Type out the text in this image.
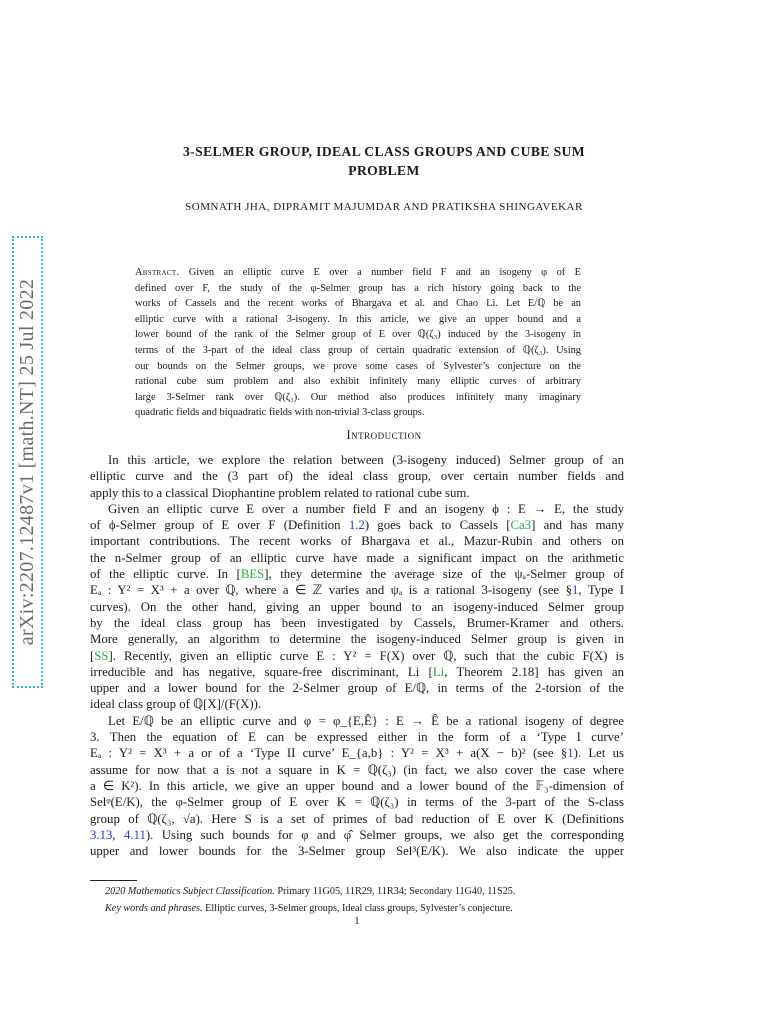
arXiv:2207.12487v1 [math.NT] 25 Jul 2022
3-SELMER GROUP, IDEAL CLASS GROUPS AND CUBE SUM
PROBLEM
SOMNATH JHA, DIPRAMIT MAJUMDAR AND PRATIKSHA SHINGAVEKAR
Abstract. Given an elliptic curve E over a number field F and an isogeny φ of E
defined over F, the study of the φ-Selmer group has a rich history going back to the
works of Cassels and the recent works of Bhargava et al. and Chao Li. Let E/ℚ be an
elliptic curve with a rational 3-isogeny. In this article, we give an upper bound and a
lower bound of the rank of the Selmer group of E over ℚ(ζ₃) induced by the 3-isogeny in
terms of the 3-part of the ideal class group of certain quadratic extension of ℚ(ζ₃). Using
our bounds on the Selmer groups, we prove some cases of Sylvester’s conjecture on the
rational cube sum problem and also exhibit infinitely many elliptic curves of arbitrary
large 3-Selmer rank over ℚ(ζ₃). Our method also produces infinitely many imaginary
quadratic fields and biquadratic fields with non-trivial 3-class groups.
Introduction
In this article, we explore the relation between (3-isogeny induced) Selmer group of an
elliptic curve and the (3 part of) the ideal class group, over certain number fields and
apply this to a classical Diophantine problem related to rational cube sum.
Given an elliptic curve E over a number field F and an isogeny ϕ : E → E, the study
of ϕ-Selmer group of E over F (Definition 1.2) goes back to Cassels [Ca3] and has many
important contributions. The recent works of Bhargava et al., Mazur-Rubin and others on
the n-Selmer group of an elliptic curve have made a significant impact on the arithmetic
of the elliptic curve. In [BES], they determine the average size of the ψₐ-Selmer group of
Eₐ : Y² = X³ + a over ℚ, where a ∈ ℤ varies and ψₐ is a rational 3-isogeny (see §1, Type I
curves). On the other hand, giving an upper bound to an isogeny-induced Selmer group
by the ideal class group has been investigated by Cassels, Brumer-Kramer and others.
More generally, an algorithm to determine the isogeny-induced Selmer group is given in
[SS]. Recently, given an elliptic curve E : Y² = F(X) over ℚ, such that the cubic F(X) is
irreducible and has negative, square-free discriminant, Li [Li, Theorem 2.18] has given an
upper and a lower bound for the 2-Selmer group of E/ℚ, in terms of the 2-torsion of the
ideal class group of ℚ[X]/(F(X)).
Let E/ℚ be an elliptic curve and φ = φ_{E,Ê} : E → Ê be a rational isogeny of degree
3. Then the equation of E can be expressed either in the form of a ‘Type I curve’
Eₐ : Y² = X³ + a or of a ‘Type II curve’ E_{a,b} : Y² = X³ + a(X − b)² (see §1). Let us
assume for now that a is not a square in K = ℚ(ζ₃) (in fact, we also cover the case where
a ∈ K²). In this article, we give an upper bound and a lower bound of the 𝔽₃-dimension of
Selᵠ(E/K), the φ-Selmer group of E over K = ℚ(ζ₃) in terms of the 3-part of the S-class
group of ℚ(ζ₃, √a). Here S is a set of primes of bad reduction of E over K (Definitions
3.13, 4.11). Using such bounds for φ and φ̂ Selmer groups, we also get the corresponding
upper and lower bounds for the 3-Selmer group Sel³(E/K). We also indicate the upper
2020 Mathematics Subject Classification. Primary 11G05, 11R29, 11R34; Secondary 11G40, 11S25.
Key words and phrases. Elliptic curves, 3-Selmer groups, Ideal class groups, Sylvester’s conjecture.
1
